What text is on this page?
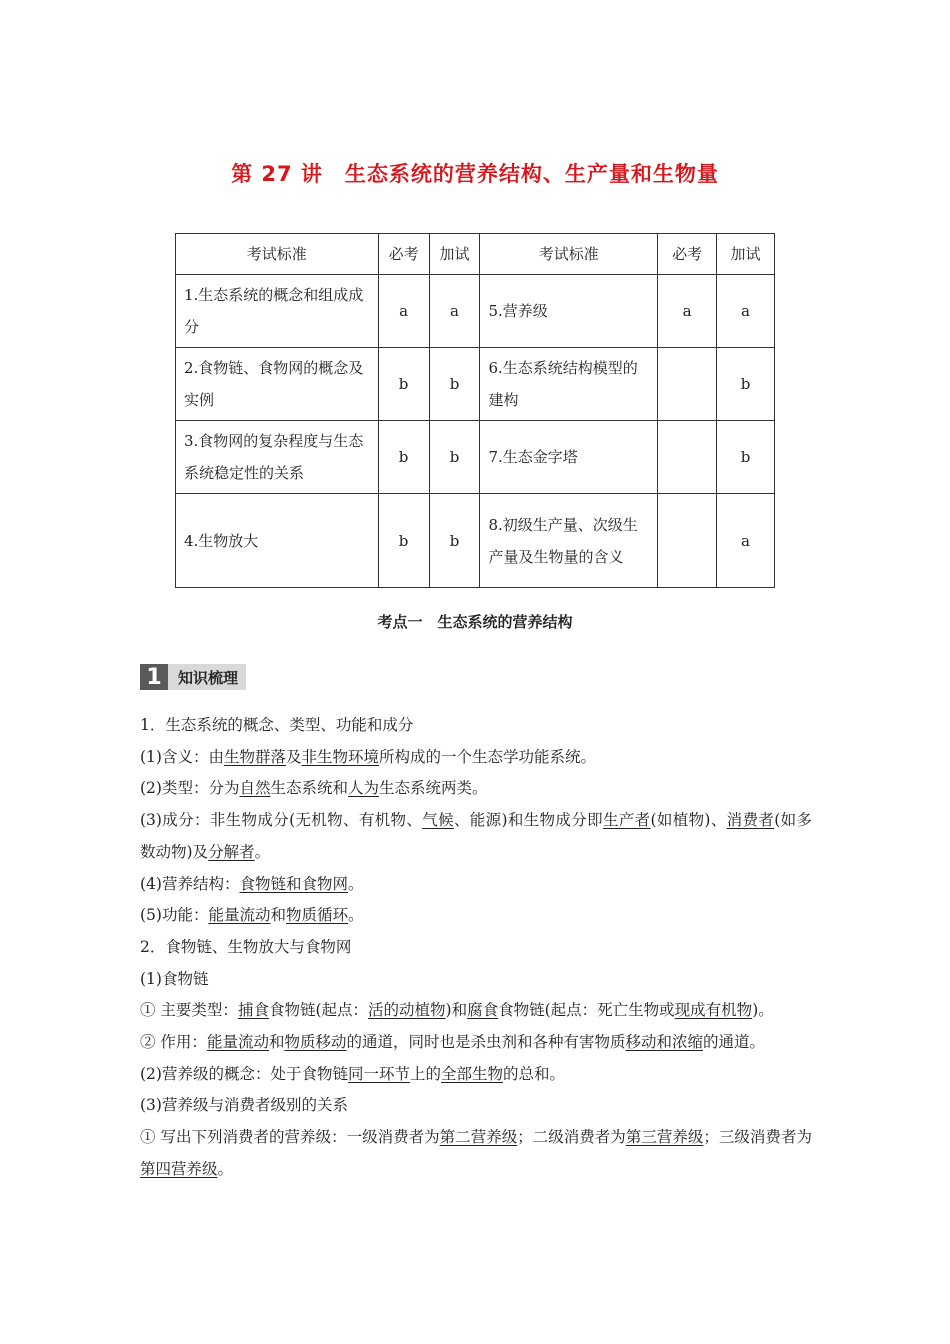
第 27 讲　生态系统的营养结构、生产量和生物量
考试标准	必考	加试	考试标准	必考	加试
1.生态系统的概念和组成成分	a	a	5.营养级	a	a
2.食物链、食物网的概念及实例	b	b	6.生态系统结构模型的建构		b
3.食物网的复杂程度与生态系统稳定性的关系	b	b	7.生态金字塔		b
4.生物放大	b	b	8.初级生产量、次级生产量及生物量的含义		a
考点一　生态系统的营养结构
1	知识梳理

1．生态系统的概念、类型、功能和成分

(1)含义：由生物群落及非生物环境所构成的一个生态学功能系统。

(2)类型：分为自然生态系统和人为生态系统两类。

(3)成分：非生物成分(无机物、有机物、气候、能源)和生物成分即生产者(如植物)、消费者(如多数动物)及分解者。

(4)营养结构：食物链和食物网。

(5)功能：能量流动和物质循环。

2．食物链、生物放大与食物网

(1)食物链

① 主要类型：捕食食物链(起点：活的动植物)和腐食食物链(起点：死亡生物或现成有机物)。

② 作用：能量流动和物质移动的通道，同时也是杀虫剂和各种有害物质移动和浓缩的通道。

(2)营养级的概念：处于食物链同一环节上的全部生物的总和。

(3)营养级与消费者级别的关系

① 写出下列消费者的营养级：一级消费者为第二营养级；二级消费者为第三营养级；三级消费者为第四营养级。
